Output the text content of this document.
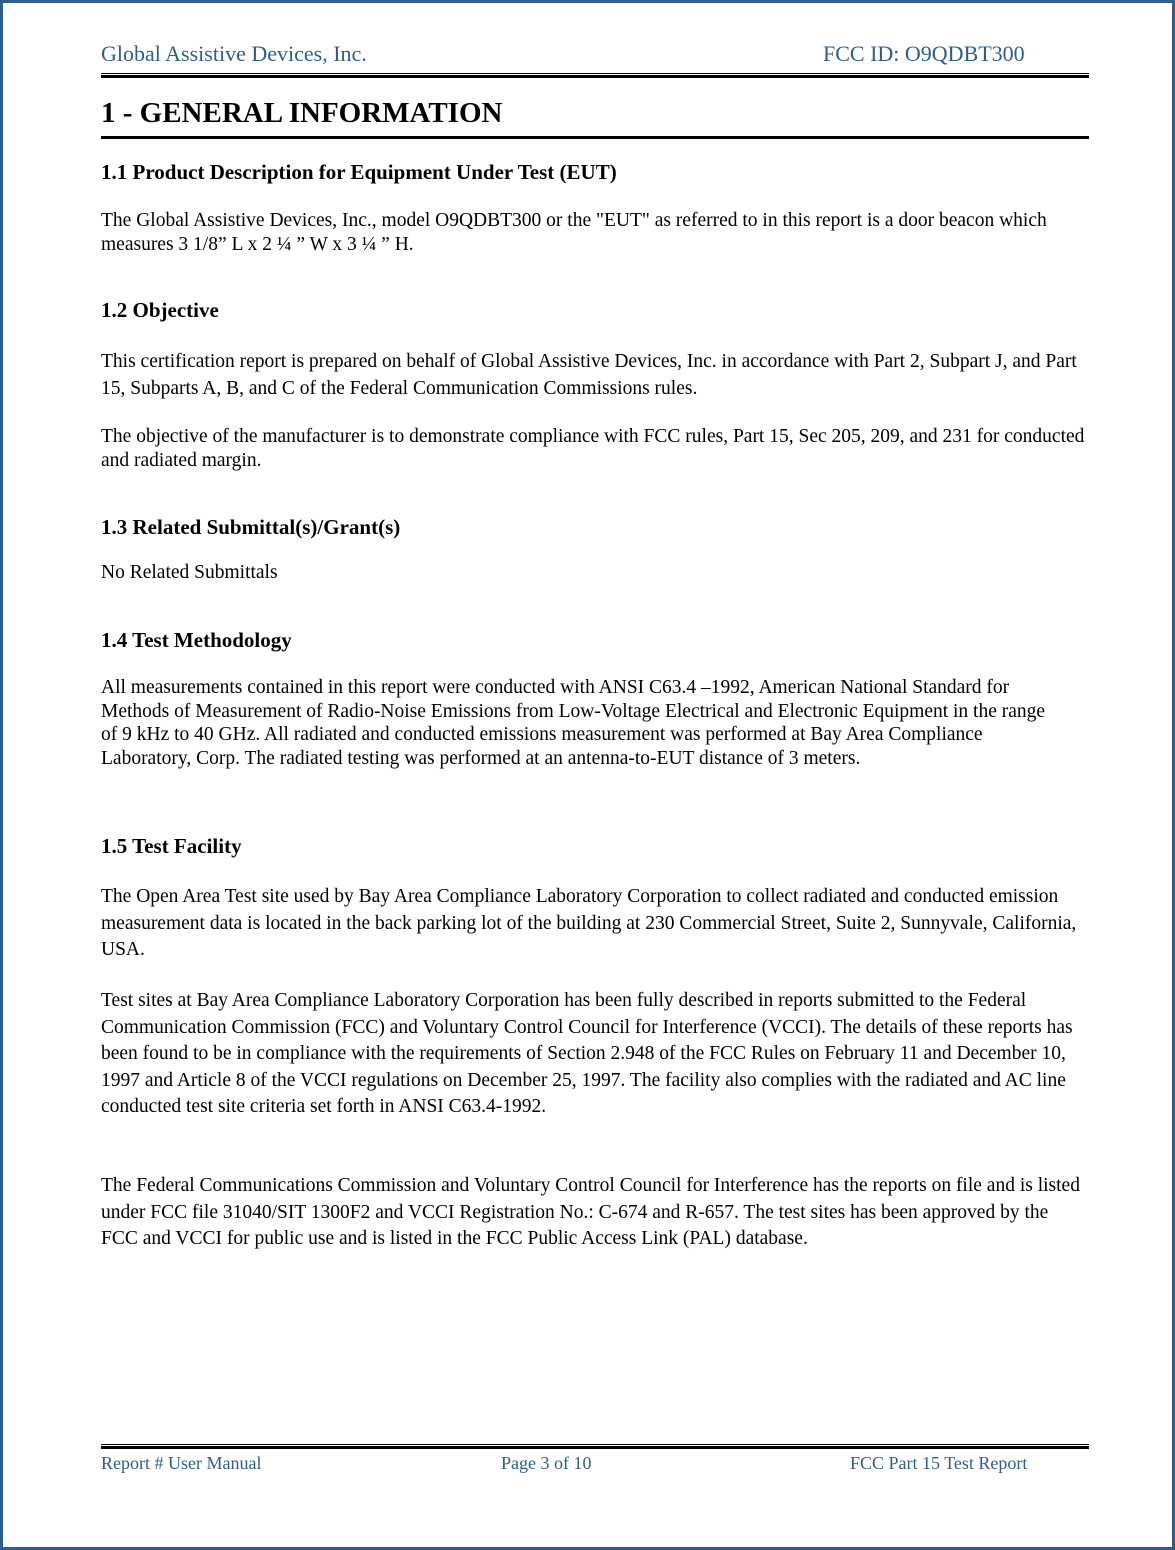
Global Assistive Devices, Inc.	FCC ID: O9QDBT300
1 - GENERAL INFORMATION
1.1 Product Description for Equipment Under Test (EUT)

The Global Assistive Devices, Inc., model O9QDBT300 or the "EUT" as referred to in this report is a door beacon which measures 3 1/8” L x 2 ¼ ” W x 3 ¼ ” H.

1.2 Objective

This certification report is prepared on behalf of Global Assistive Devices, Inc. in accordance with Part 2, Subpart J, and Part 15, Subparts A, B, and C of the Federal Communication Commissions rules.

The objective of the manufacturer is to demonstrate compliance with FCC rules, Part 15, Sec 205, 209, and 231 for conducted and radiated margin.

1.3 Related Submittal(s)/Grant(s)

No Related Submittals

1.4 Test Methodology

All measurements contained in this report were conducted with ANSI C63.4 –1992, American National Standard for Methods of Measurement of Radio-Noise Emissions from Low-Voltage Electrical and Electronic Equipment in the range of 9 kHz to 40 GHz. All radiated and conducted emissions measurement was performed at Bay Area Compliance Laboratory, Corp. The radiated testing was performed at an antenna-to-EUT distance of 3 meters.

1.5 Test Facility

The Open Area Test site used by Bay Area Compliance Laboratory Corporation to collect radiated and conducted emission measurement data is located in the back parking lot of the building at 230 Commercial Street, Suite 2, Sunnyvale, California, USA.

Test sites at Bay Area Compliance Laboratory Corporation has been fully described in reports submitted to the Federal Communication Commission (FCC) and Voluntary Control Council for Interference (VCCI). The details of these reports has been found to be in compliance with the requirements of Section 2.948 of the FCC Rules on February 11 and December 10, 1997 and Article 8 of the VCCI regulations on December 25, 1997. The facility also complies with the radiated and AC line conducted test site criteria set forth in ANSI C63.4-1992.

The Federal Communications Commission and Voluntary Control Council for Interference has the reports on file and is listed under FCC file 31040/SIT 1300F2 and VCCI Registration No.: C-674 and R-657. The test sites has been approved by the FCC and VCCI for public use and is listed in the FCC Public Access Link (PAL) database.

Report # User Manual	Page 3 of 10	FCC Part 15 Test Report
